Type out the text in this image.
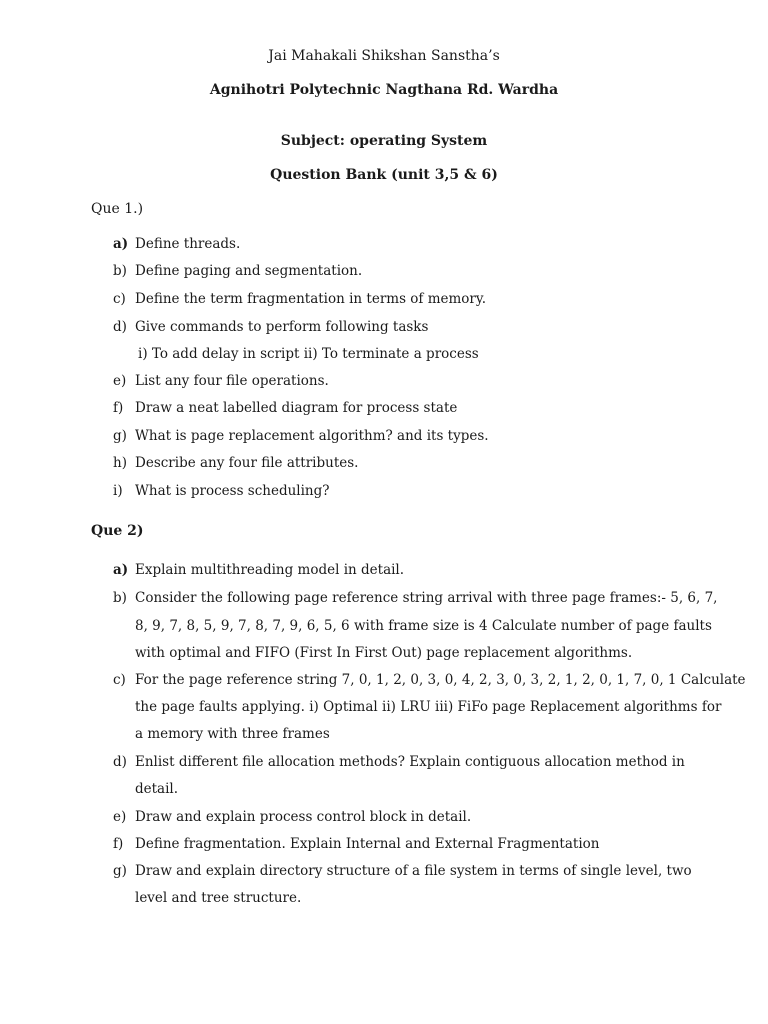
Jai Mahakali Shikshan Sanstha’s
Agnihotri Polytechnic Nagthana Rd. Wardha
Subject: operating System
Question Bank (unit 3,5 & 6)
Que 1.)
a) Define threads.
b) Define paging and segmentation.
c) Define the term fragmentation in terms of memory.
d) Give commands to perform following tasks
i) To add delay in script ii) To terminate a process
e) List any four file operations.
f) Draw a neat labelled diagram for process state
g) What is page replacement algorithm? and its types.
h) Describe any four file attributes.
i) What is process scheduling?
Que 2)
a) Explain multithreading model in detail.
b) Consider the following page reference string arrival with three page frames:- 5, 6, 7,
8, 9, 7, 8, 5, 9, 7, 8, 7, 9, 6, 5, 6 with frame size is 4 Calculate number of page faults
with optimal and FIFO (First In First Out) page replacement algorithms.
c) For the page reference string 7, 0, 1, 2, 0, 3, 0, 4, 2, 3, 0, 3, 2, 1, 2, 0, 1, 7, 0, 1 Calculate
the page faults applying. i) Optimal ii) LRU iii) FiFo page Replacement algorithms for
a memory with three frames
d) Enlist different file allocation methods? Explain contiguous allocation method in
detail.
e) Draw and explain process control block in detail.
f) Define fragmentation. Explain Internal and External Fragmentation
g) Draw and explain directory structure of a file system in terms of single level, two
level and tree structure.
